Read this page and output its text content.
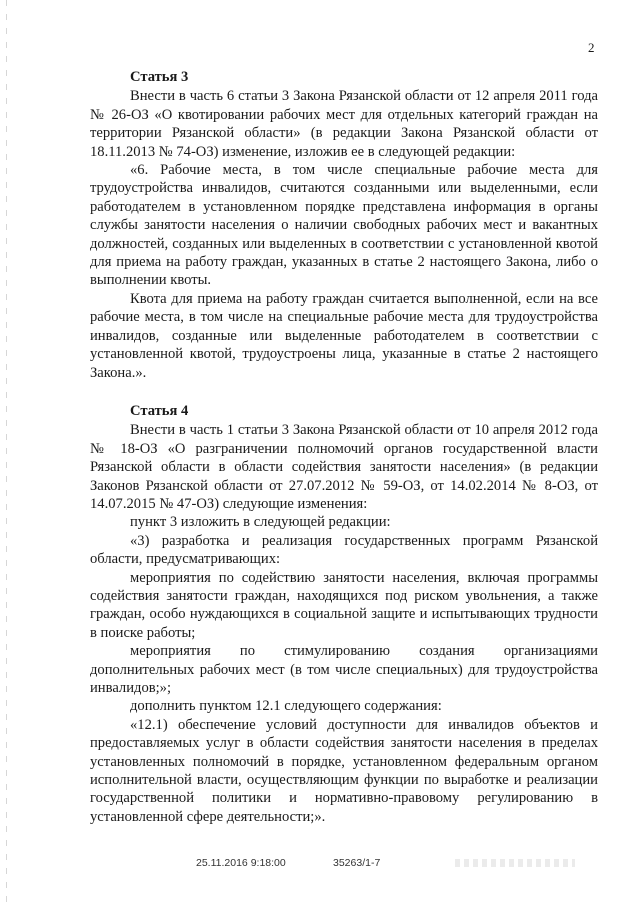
2
Статья 3

Внести в часть 6 статьи 3 Закона Рязанской области от 12 апреля 2011 года № 26-ОЗ «О квотировании рабочих мест для отдельных категорий граждан на территории Рязанской области» (в редакции Закона Рязанской области от 18.11.2013 № 74-ОЗ) изменение, изложив ее в следующей редакции:

«6. Рабочие места, в том числе специальные рабочие места для трудоустройства инвалидов, считаются созданными или выделенными, если работодателем в установленном порядке представлена информация в органы службы занятости населения о наличии свободных рабочих мест и вакантных должностей, созданных или выделенных в соответствии с установленной квотой для приема на работу граждан, указанных в статье 2 настоящего Закона, либо о выполнении квоты.

Квота для приема на работу граждан считается выполненной, если на все рабочие места, в том числе на специальные рабочие места для трудоустройства инвалидов, созданные или выделенные работодателем в соответствии с установленной квотой, трудоустроены лица, указанные в статье 2 настоящего Закона.».

Статья 4

Внести в часть 1 статьи 3 Закона Рязанской области от 10 апреля 2012 года № 18-ОЗ «О разграничении полномочий органов государственной власти Рязанской области в области содействия занятости населения» (в редакции Законов Рязанской области от 27.07.2012 № 59-ОЗ, от 14.02.2014 № 8-ОЗ, от 14.07.2015 № 47-ОЗ) следующие изменения:

пункт 3 изложить в следующей редакции:

«3) разработка и реализация государственных программ Рязанской области, предусматривающих:

мероприятия по содействию занятости населения, включая программы содействия занятости граждан, находящихся под риском увольнения, а также граждан, особо нуждающихся в социальной защите и испытывающих трудности в поиске работы;

мероприятия по стимулированию создания организациями дополнительных рабочих мест (в том числе специальных) для трудоустройства инвалидов;»;

дополнить пунктом 12.1 следующего содержания:

«12.1) обеспечение условий доступности для инвалидов объектов и предоставляемых услуг в области содействия занятости населения в пределах установленных полномочий в порядке, установленном федеральным органом исполнительной власти, осуществляющим функции по выработке и реализации государственной политики и нормативно-правовому регулированию в установленной сфере деятельности;».

25.11.2016 9:18:00	35263/1-7
